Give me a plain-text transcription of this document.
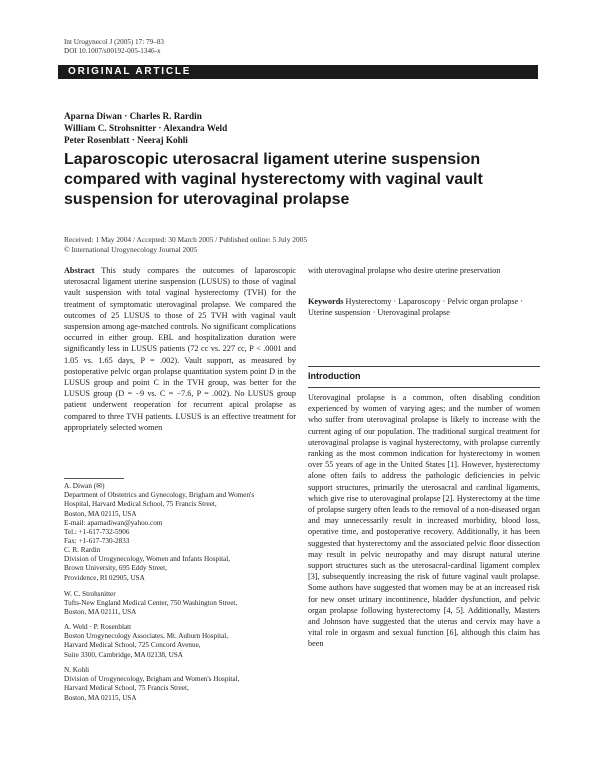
Int Urogynecol J (2005) 17: 79–83
DOI 10.1007/s00192-005-1346-x
ORIGINAL ARTICLE
Aparna Diwan · Charles R. Rardin
William C. Strohsnitter · Alexandra Weld
Peter Rosenblatt · Neeraj Kohli
Laparoscopic uterosacral ligament uterine suspension compared with vaginal hysterectomy with vaginal vault suspension for uterovaginal prolapse
Received: 1 May 2004 / Accepted: 30 March 2005 / Published online: 5 July 2005
© International Urogynecology Journal 2005
Abstract This study compares the outcomes of laparoscopic uterosacral ligament uterine suspension (LUSUS) to those of vaginal vault suspension with total vaginal hysterectomy (TVH) for the treatment of symptomatic uterovaginal prolapse. We compared the outcomes of 25 LUSUS to those of 25 TVH with vaginal vault suspension among age-matched controls. No significant complications occurred in either group. EBL and hospitalization duration were significantly less in LUSUS patients (72 cc vs. 227 cc, P < .0001 and 1.05 vs. 1.65 days, P = .002). Vault support, as measured by postoperative pelvic organ prolapse quantitation system point D in the LUSUS group and point C in the TVH group, was better for the LUSUS group (D = −9 vs. C = −7.6, P = .002). No LUSUS group patient underwent reoperation for recurrent apical prolapse as compared to three TVH patients. LUSUS is an effective treatment for appropriately selected women
with uterovaginal prolapse who desire uterine preservation
Keywords Hysterectomy · Laparoscopy · Pelvic organ prolapse · Uterine suspension · Uterovaginal prolapse
A. Diwan (✉)
Department of Obstetrics and Gynecology, Brigham and Women's
Hospital, Harvard Medical School, 75 Francis Street,
Boston, MA 02115, USA
E-mail: aparnadiwan@yahoo.com
Tel.: +1-617-732-5906
Fax: +1-617-730-2833
C. R. Rardin
Division of Urogynecology, Women and Infants Hospital,
Brown University, 695 Eddy Street,
Providence, RI 02905, USA
W. C. Strohsnitter
Tufts-New England Medical Center, 750 Washington Street,
Boston, MA 02111, USA
A. Weld · P. Rosenblatt
Boston Urogynecology Associates, Mt. Auburn Hospital,
Harvard Medical School, 725 Concord Avenue,
Suite 3300, Cambridge, MA 02138, USA
N. Kohli
Division of Urogynecology, Brigham and Women's Hospital,
Harvard Medical School, 75 Francis Street,
Boston, MA 02115, USA
Introduction
Uterovaginal prolapse is a common, often disabling condition experienced by women of varying ages; and the number of women who suffer from uterovaginal prolapse is likely to increase with the current aging of our population. The traditional surgical treatment for uterovaginal prolapse is vaginal hysterectomy, with prolapse currently ranking as the most common indication for hysterectomy in women over 55 years of age in the United States [1]. However, hysterectomy alone often fails to address the pathologic deficiencies in pelvic support structures, primarily the uterosacral and cardinal ligaments, which give rise to uterovaginal prolapse [2]. Hysterectomy at the time of prolapse surgery often leads to the removal of a non-diseased organ and may unnecessarily result in increased morbidity, blood loss, operative time, and postoperative recovery. Additionally, it has been suggested that hysterectomy and the associated pelvic floor dissection may result in pelvic neuropathy and may disrupt natural uterine support structures such as the uterosacral-cardinal ligament complex [3], subsequently increasing the risk of future vaginal vault prolapse. Some authors have suggested that women may be at an increased risk for new onset urinary incontinence, bladder dysfunction, and pelvic organ prolapse following hysterectomy [4, 5]. Additionally, Masters and Johnson have suggested that the uterus and cervix may have a vital role in orgasm and sexual function [6], although this claim has been
